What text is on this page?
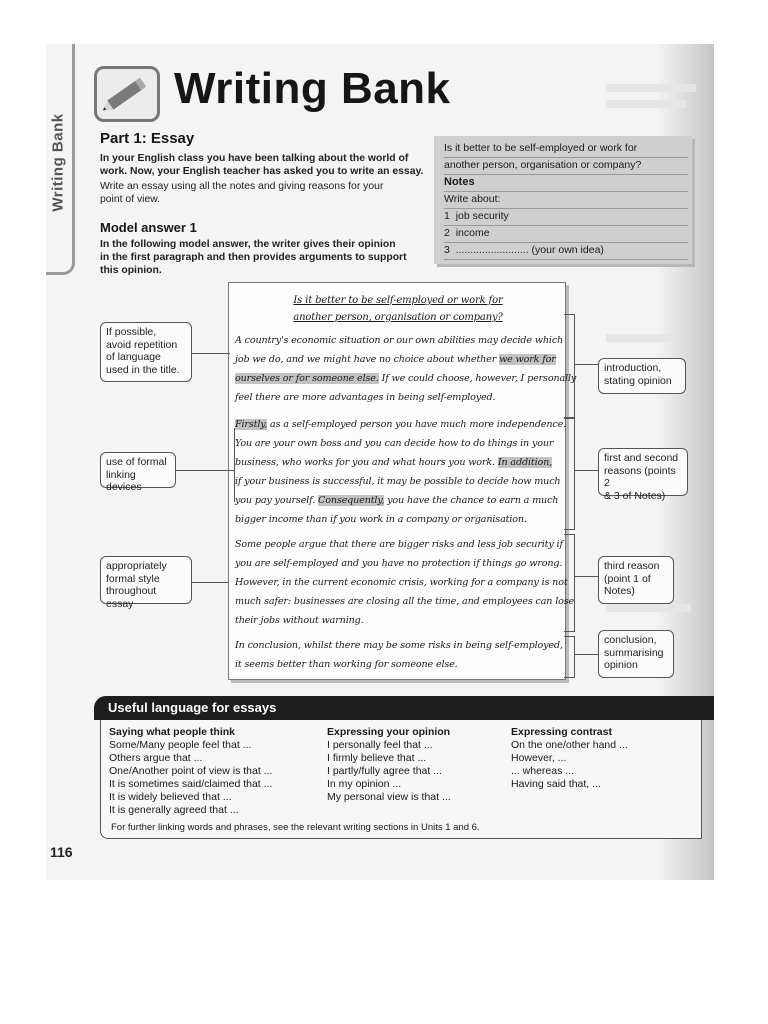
Writing Bank
Writing Bank
Part 1: Essay
In your English class you have been talking about the world of
work. Now, your English teacher has asked you to write an essay.
Write an essay using all the notes and giving reasons for your
point of view.
Model answer 1
In the following model answer, the writer gives their opinion
in the first paragraph and then provides arguments to support
this opinion.
Is it better to be self-employed or work for
another person, organisation or company?
Notes
Write about:
1 job security
2 income
3 ......................... (your own idea)
Is it better to be self-employed or work for
another person, organisation or company?
A country's economic situation or our own abilities may decide which
job we do, and we might have no choice about whether we work for
ourselves or for someone else. If we could choose, however, I personally
feel there are more advantages in being self-employed.
Firstly, as a self-employed person you have much more independence.
You are your own boss and you can decide how to do things in your
business, who works for you and what hours you work. In addition,
if your business is successful, it may be possible to decide how much
you pay yourself. Consequently, you have the chance to earn a much
bigger income than if you work in a company or organisation.
Some people argue that there are bigger risks and less job security if
you are self-employed and you have no protection if things go wrong.
However, in the current economic crisis, working for a company is not
much safer: businesses are closing all the time, and employees can lose
their jobs without warning.
In conclusion, whilst there may be some risks in being self-employed,
it seems better than working for someone else.
If possible,
avoid repetition
of language
used in the title.
use of formal
linking devices
appropriately
formal style
throughout essay
introduction,
stating opinion
first and second
reasons (points 2
& 3 of Notes)
third reason
(point 1 of
Notes)
conclusion,
summarising
opinion
Useful language for essays
Saying what people think
Some/Many people feel that ...
Others argue that ...
One/Another point of view is that ...
It is sometimes said/claimed that ...
It is widely believed that ...
It is generally agreed that ...
Expressing your opinion
I personally feel that ...
I firmly believe that ...
I partly/fully agree that ...
In my opinion ...
My personal view is that ...
Expressing contrast
On the one/other hand ...
However, ...
... whereas ...
Having said that, ...
For further linking words and phrases, see the relevant writing sections in Units 1 and 6.
116
